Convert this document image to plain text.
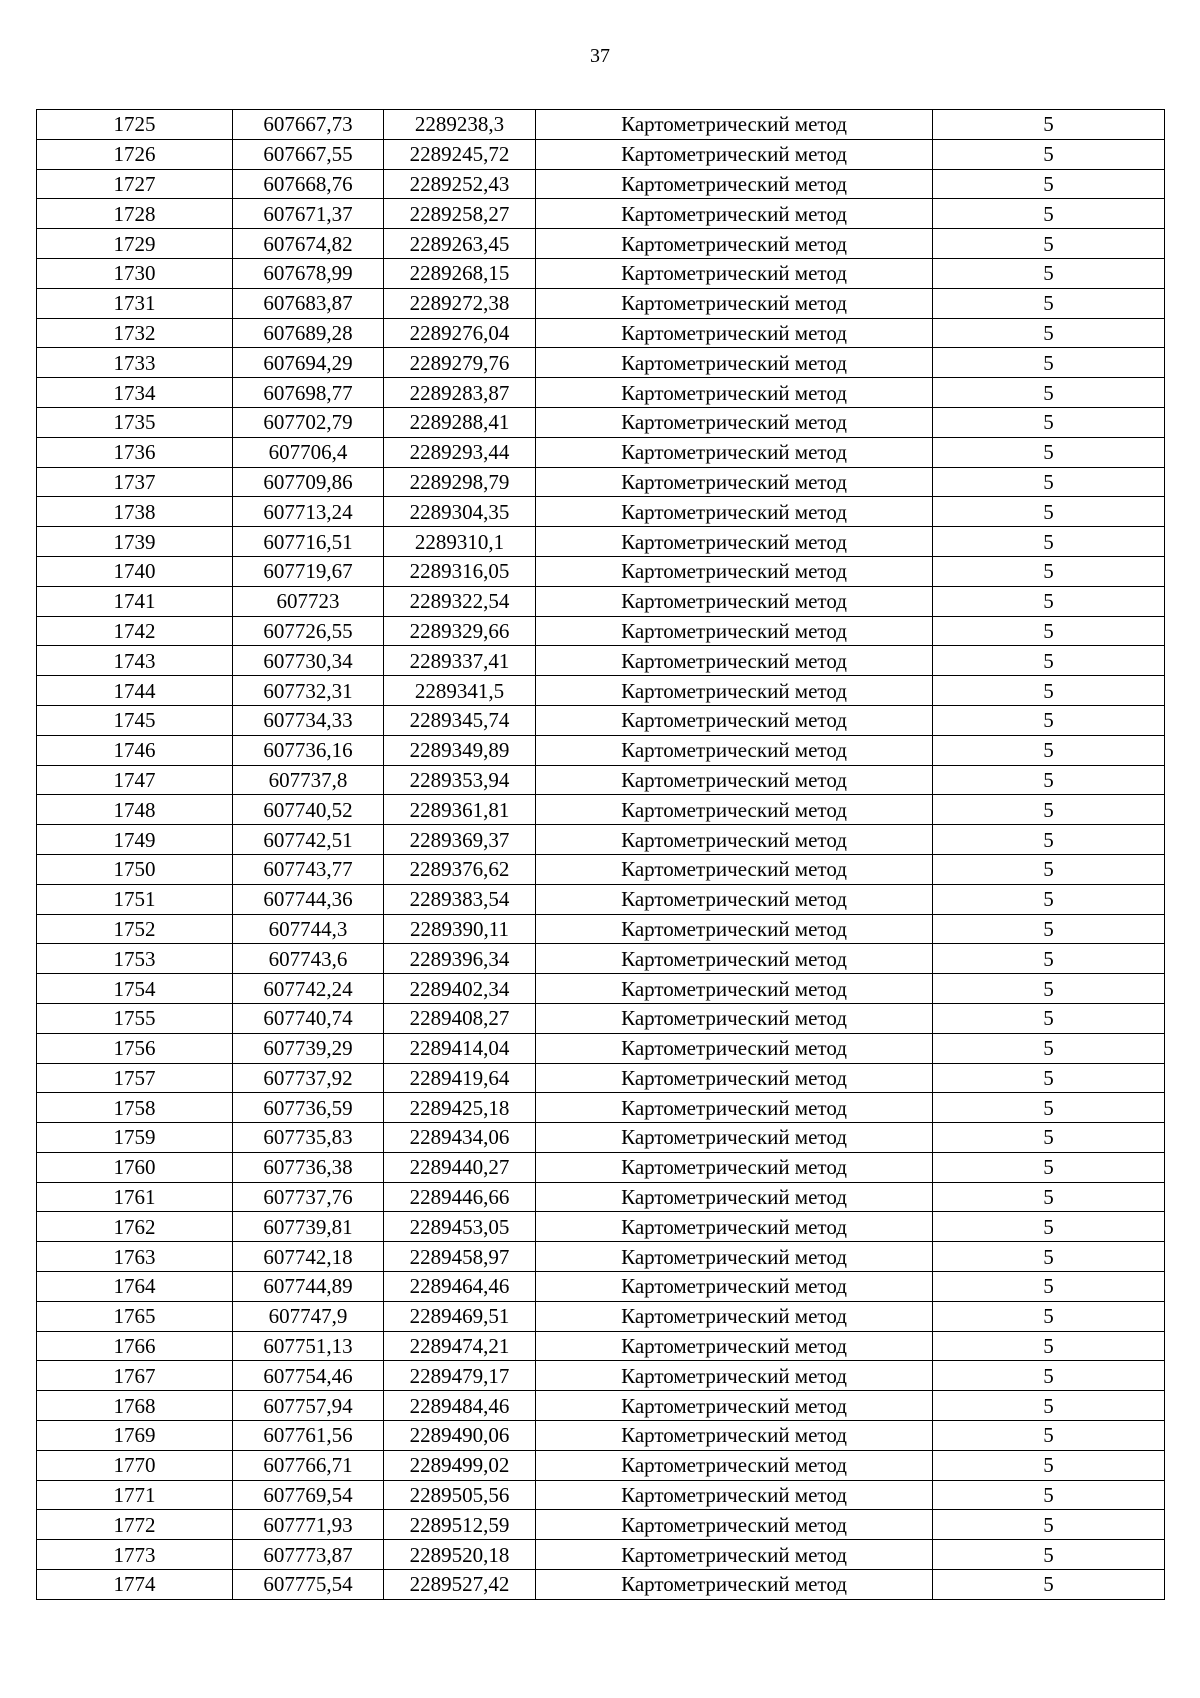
37
1725	607667,73	2289238,3	Картометрический метод	5
1726	607667,55	2289245,72	Картометрический метод	5
1727	607668,76	2289252,43	Картометрический метод	5
1728	607671,37	2289258,27	Картометрический метод	5
1729	607674,82	2289263,45	Картометрический метод	5
1730	607678,99	2289268,15	Картометрический метод	5
1731	607683,87	2289272,38	Картометрический метод	5
1732	607689,28	2289276,04	Картометрический метод	5
1733	607694,29	2289279,76	Картометрический метод	5
1734	607698,77	2289283,87	Картометрический метод	5
1735	607702,79	2289288,41	Картометрический метод	5
1736	607706,4	2289293,44	Картометрический метод	5
1737	607709,86	2289298,79	Картометрический метод	5
1738	607713,24	2289304,35	Картометрический метод	5
1739	607716,51	2289310,1	Картометрический метод	5
1740	607719,67	2289316,05	Картометрический метод	5
1741	607723	2289322,54	Картометрический метод	5
1742	607726,55	2289329,66	Картометрический метод	5
1743	607730,34	2289337,41	Картометрический метод	5
1744	607732,31	2289341,5	Картометрический метод	5
1745	607734,33	2289345,74	Картометрический метод	5
1746	607736,16	2289349,89	Картометрический метод	5
1747	607737,8	2289353,94	Картометрический метод	5
1748	607740,52	2289361,81	Картометрический метод	5
1749	607742,51	2289369,37	Картометрический метод	5
1750	607743,77	2289376,62	Картометрический метод	5
1751	607744,36	2289383,54	Картометрический метод	5
1752	607744,3	2289390,11	Картометрический метод	5
1753	607743,6	2289396,34	Картометрический метод	5
1754	607742,24	2289402,34	Картометрический метод	5
1755	607740,74	2289408,27	Картометрический метод	5
1756	607739,29	2289414,04	Картометрический метод	5
1757	607737,92	2289419,64	Картометрический метод	5
1758	607736,59	2289425,18	Картометрический метод	5
1759	607735,83	2289434,06	Картометрический метод	5
1760	607736,38	2289440,27	Картометрический метод	5
1761	607737,76	2289446,66	Картометрический метод	5
1762	607739,81	2289453,05	Картометрический метод	5
1763	607742,18	2289458,97	Картометрический метод	5
1764	607744,89	2289464,46	Картометрический метод	5
1765	607747,9	2289469,51	Картометрический метод	5
1766	607751,13	2289474,21	Картометрический метод	5
1767	607754,46	2289479,17	Картометрический метод	5
1768	607757,94	2289484,46	Картометрический метод	5
1769	607761,56	2289490,06	Картометрический метод	5
1770	607766,71	2289499,02	Картометрический метод	5
1771	607769,54	2289505,56	Картометрический метод	5
1772	607771,93	2289512,59	Картометрический метод	5
1773	607773,87	2289520,18	Картометрический метод	5
1774	607775,54	2289527,42	Картометрический метод	5
